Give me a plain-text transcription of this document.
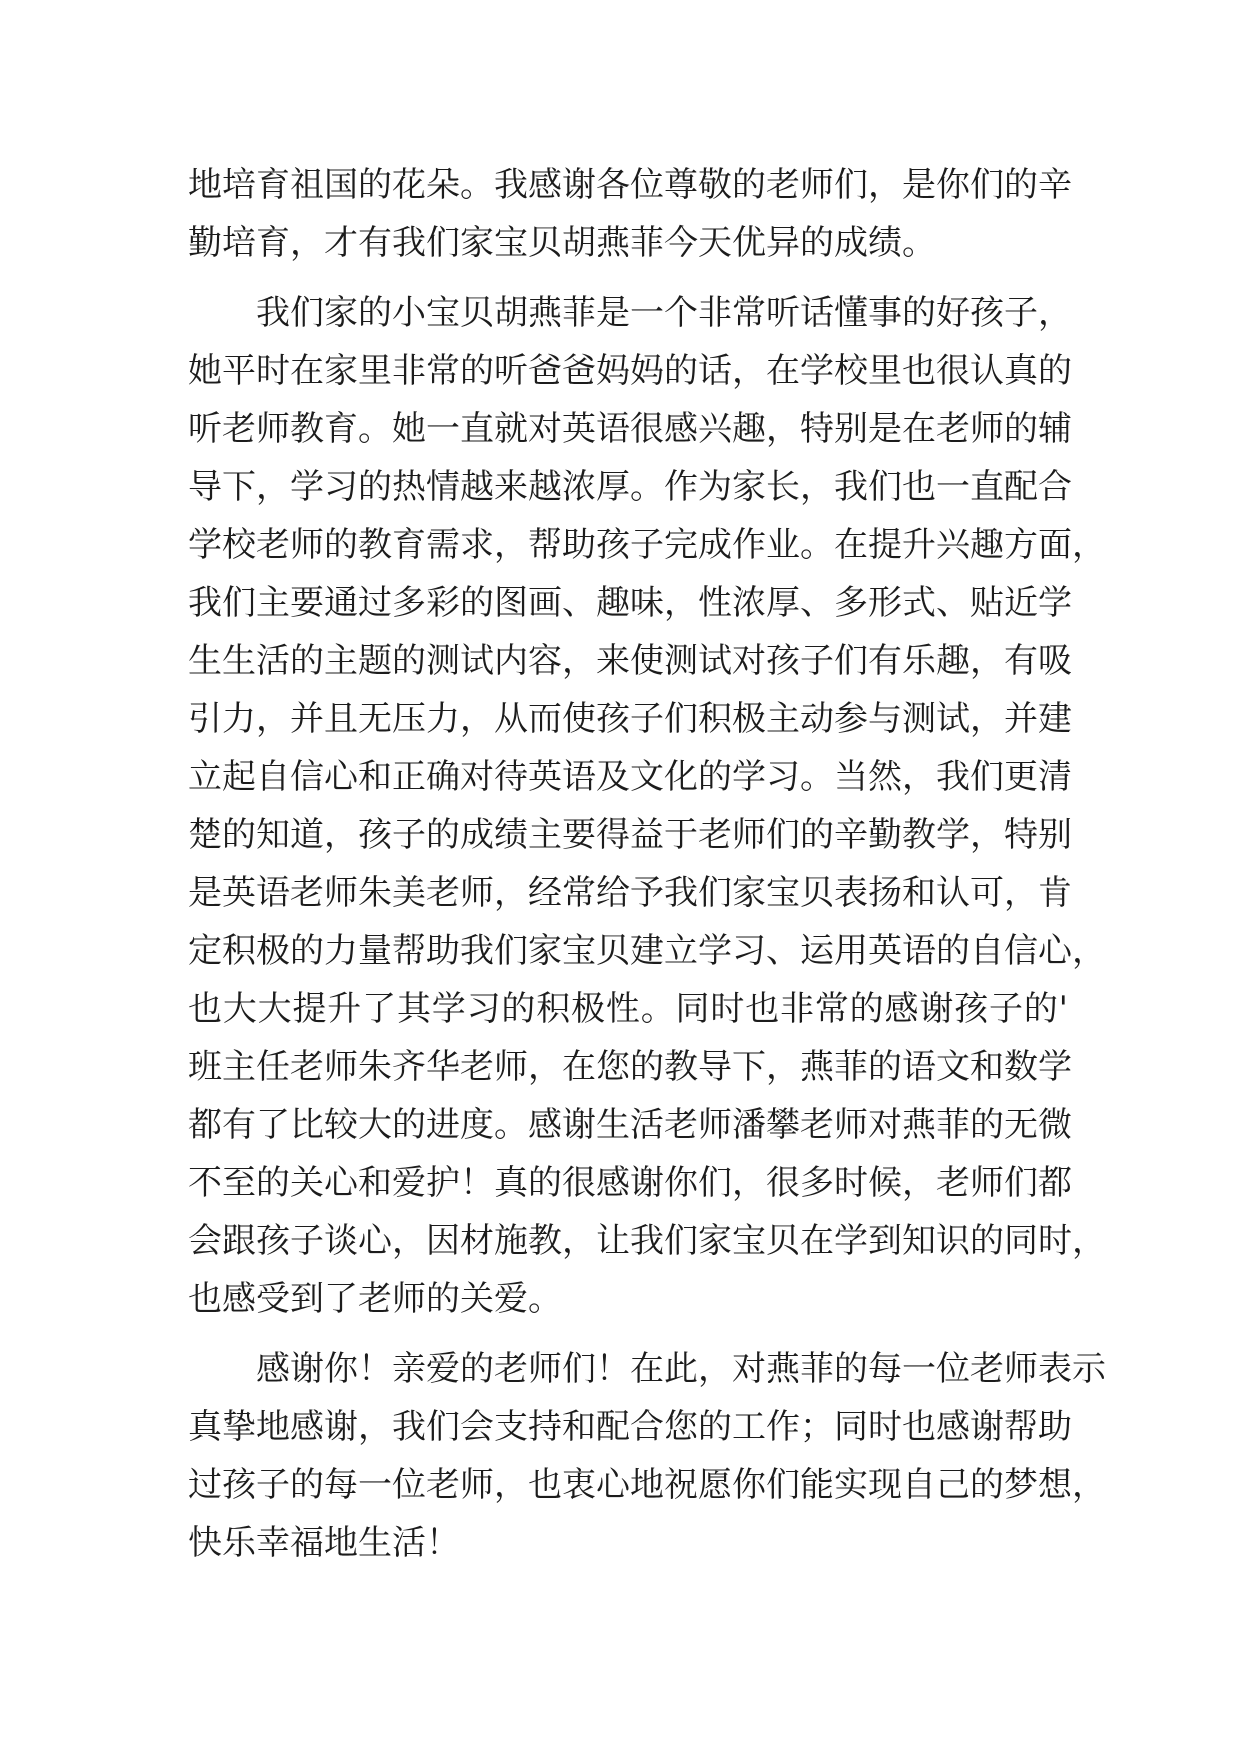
地培育祖国的花朵。我感谢各位尊敬的老师们，是你们的辛
勤培育，才有我们家宝贝胡燕菲今天优异的成绩。
我们家的小宝贝胡燕菲是一个非常听话懂事的好孩子，
她平时在家里非常的听爸爸妈妈的话，在学校里也很认真的
听老师教育。她一直就对英语很感兴趣，特别是在老师的辅
导下，学习的热情越来越浓厚。作为家长，我们也一直配合
学校老师的教育需求，帮助孩子完成作业。在提升兴趣方面，
我们主要通过多彩的图画、趣味，性浓厚、多形式、贴近学
生生活的主题的测试内容，来使测试对孩子们有乐趣，有吸
引力，并且无压力，从而使孩子们积极主动参与测试，并建
立起自信心和正确对待英语及文化的学习。当然，我们更清
楚的知道，孩子的成绩主要得益于老师们的辛勤教学，特别
是英语老师朱美老师，经常给予我们家宝贝表扬和认可，肯
定积极的力量帮助我们家宝贝建立学习、运用英语的自信心，
也大大提升了其学习的积极性。同时也非常的感谢孩子的'
班主任老师朱齐华老师，在您的教导下，燕菲的语文和数学
都有了比较大的进度。感谢生活老师潘攀老师对燕菲的无微
不至的关心和爱护！真的很感谢你们，很多时候，老师们都
会跟孩子谈心，因材施教，让我们家宝贝在学到知识的同时，
也感受到了老师的关爱。
感谢你！亲爱的老师们！在此，对燕菲的每一位老师表示
真挚地感谢，我们会支持和配合您的工作；同时也感谢帮助
过孩子的每一位老师，也衷心地祝愿你们能实现自己的梦想，
快乐幸福地生活！
